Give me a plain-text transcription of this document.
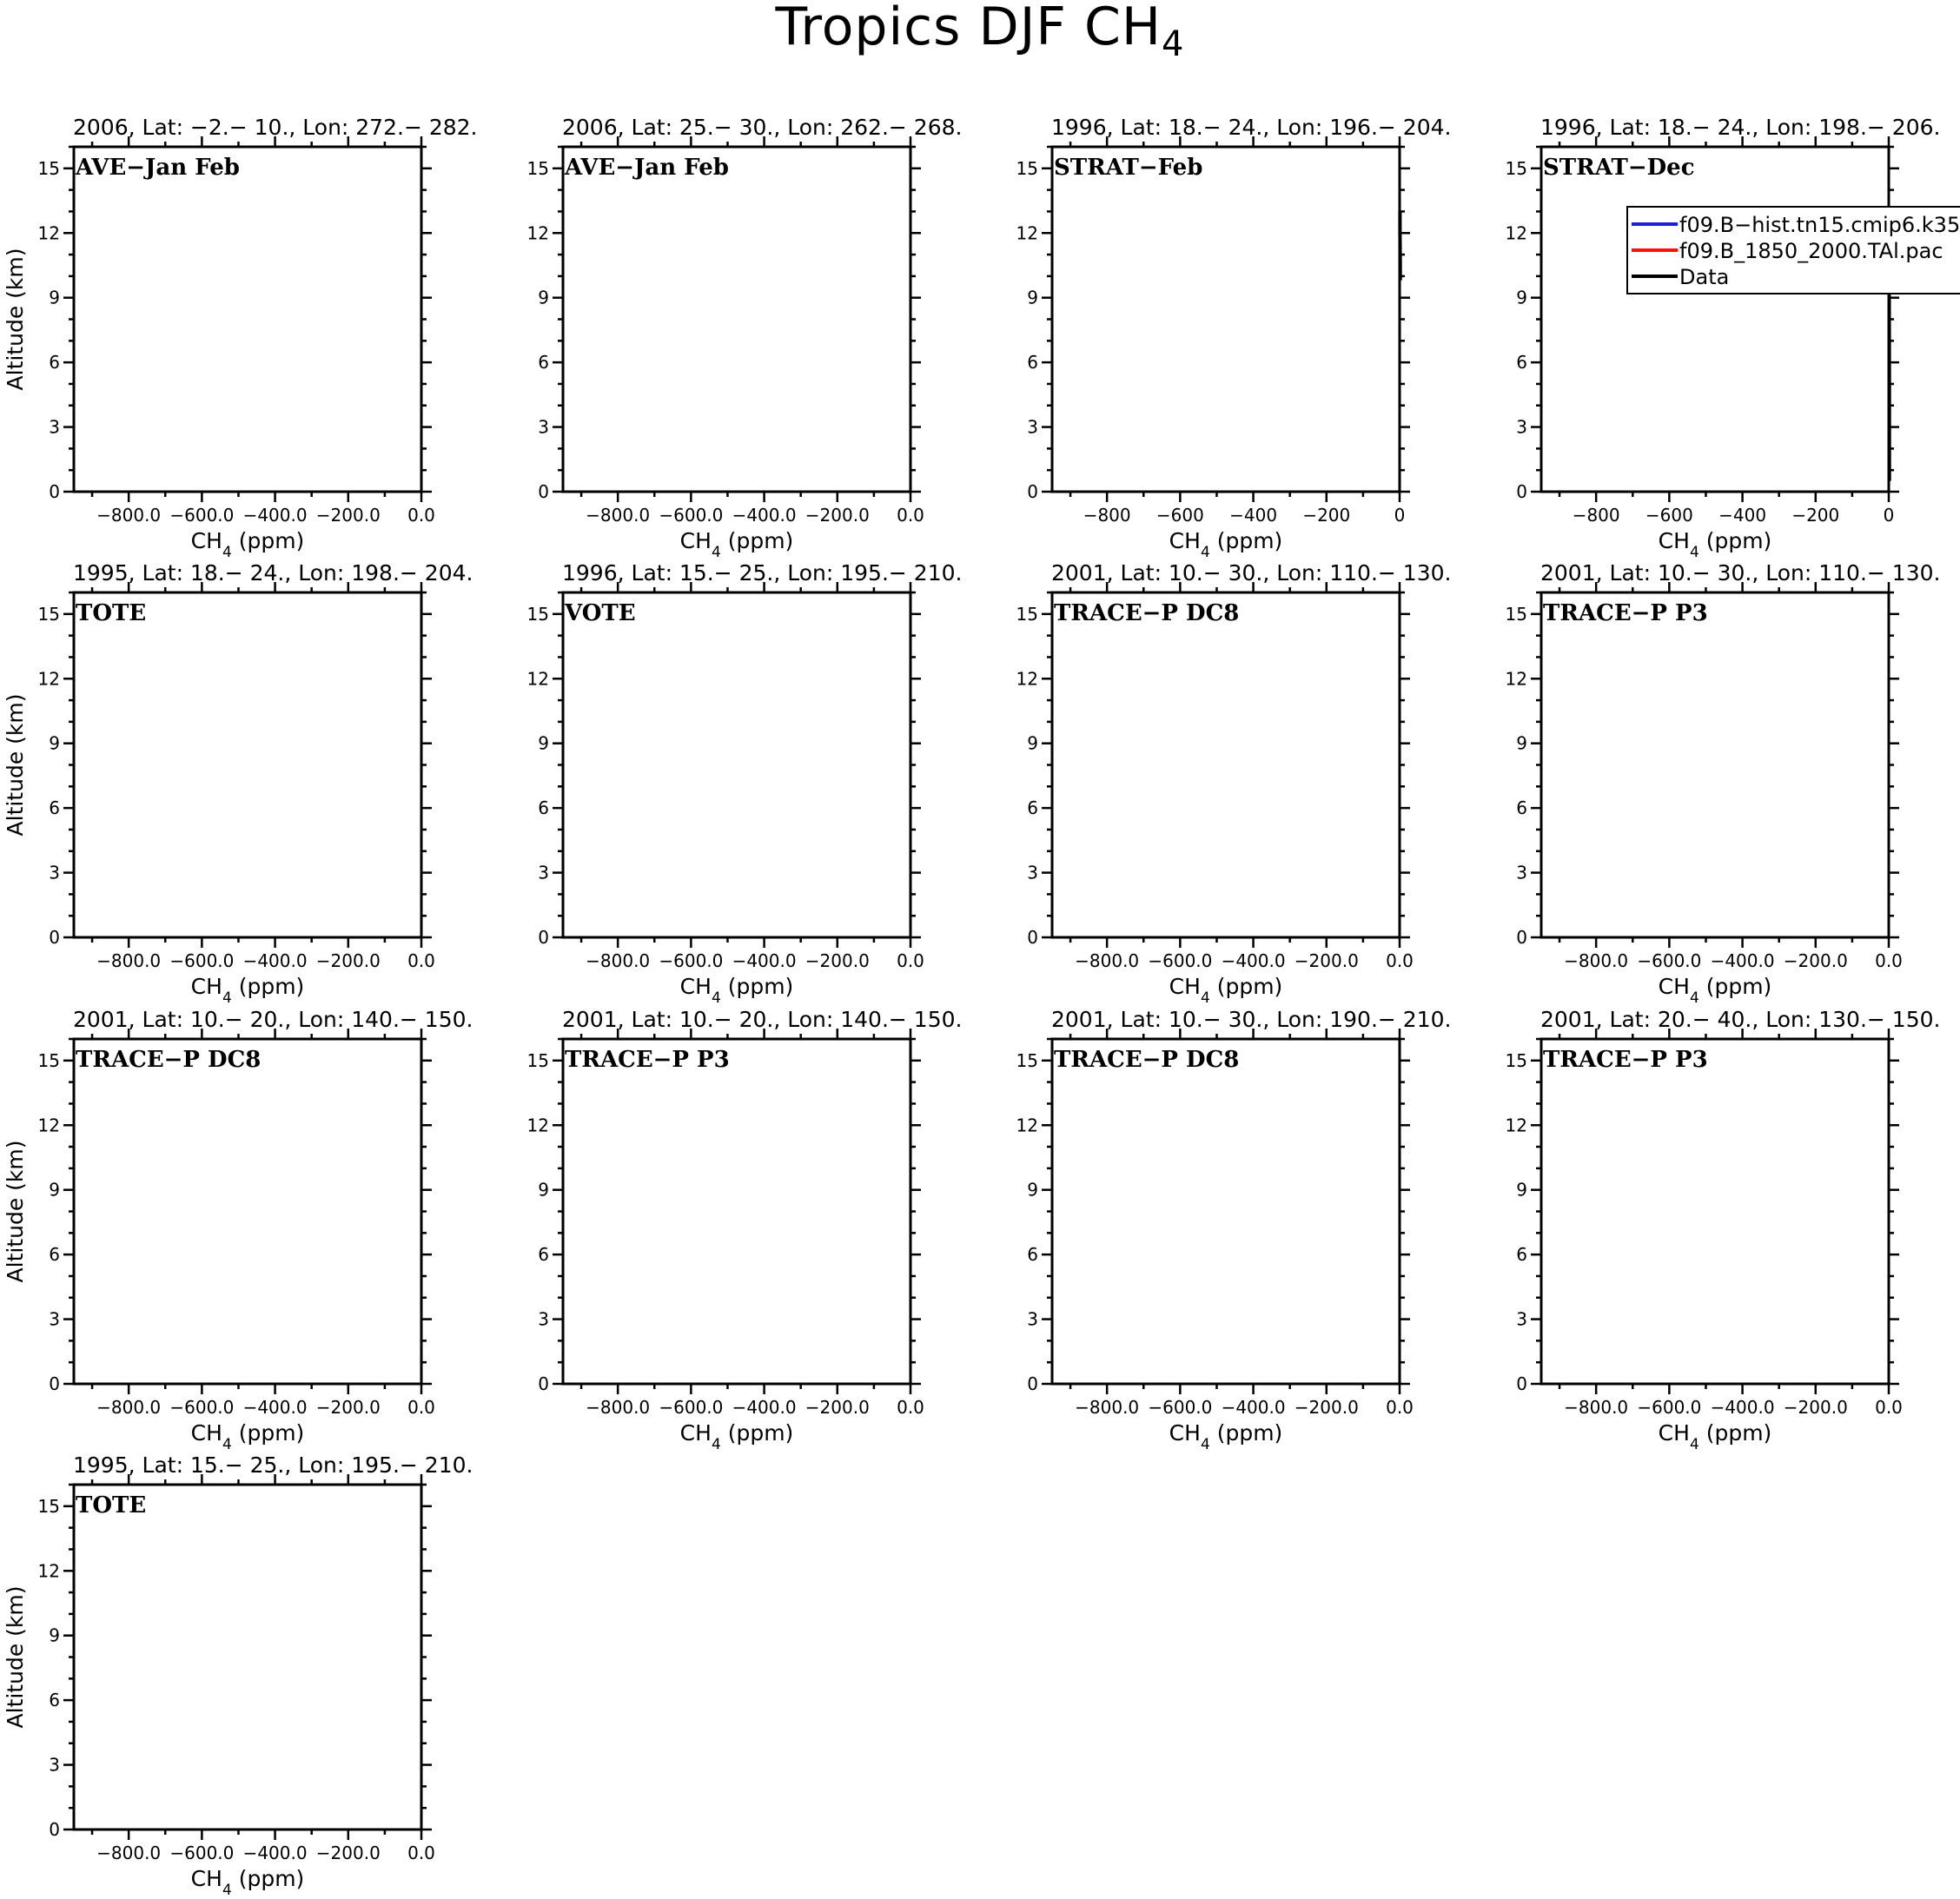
Tropics DJF $CH_4$
2006, Lat: −2.− 10., Lon: 272.− 282.
0
3
6
9
12
15
−800.0 −600.0 −400.0 −200.0 0.0
$CH_4$ (ppm)
Altitude (km)
AVE−Jan Feb
2006, Lat: 25.− 30., Lon: 262.− 268.
0
3
6
9
12
15
−800.0 −600.0 −400.0 −200.0 0.0
$CH_4$ (ppm)
AVE−Jan Feb
1996, Lat: 18.− 24., Lon: 196.− 204.
0
3
6
9
12
15
−800 −600 −400 −200	0
$CH_4$ (ppm)
STRAT−Feb
1996, Lat: 18.− 24., Lon: 198.− 206.
0
3
6
9
12
15
−800 −600 −400 −200	0
$CH_4$ (ppm)
STRAT−Dec
f09.B−hist.tn15.cmip6.k35
f09.B_1850_2000.TAl.pac
Data
1995, Lat: 18.− 24., Lon: 198.− 204.
0
3
6
9
12
15
−800.0 −600.0 −400.0 −200.0 0.0
$CH_4$ (ppm)
Altitude (km)
TOTE
1996, Lat: 15.− 25., Lon: 195.− 210.
0
3
6
9
12
15
−800.0 −600.0 −400.0 −200.0 0.0
$CH_4$ (ppm)
VOTE
2001, Lat: 10.− 30., Lon: 110.− 130.
0
3
6
9
12
15
−800.0 −600.0 −400.0 −200.0 0.0
$CH_4$ (ppm)
TRACE−P DC8
2001, Lat: 10.− 30., Lon: 110.− 130.
0
3
6
9
12
15
−800.0 −600.0 −400.0 −200.0 0.0
$CH_4$ (ppm)
TRACE−P P3
2001, Lat: 10.− 20., Lon: 140.− 150.
0
3
6
9
12
15
−800.0 −600.0 −400.0 −200.0 0.0
$CH_4$ (ppm)
Altitude (km)
TRACE−P DC8
2001, Lat: 10.− 20., Lon: 140.− 150.
0
3
6
9
12
15
−800.0 −600.0 −400.0 −200.0 0.0
$CH_4$ (ppm)
TRACE−P P3
2001, Lat: 10.− 30., Lon: 190.− 210.
0
3
6
9
12
15
−800.0 −600.0 −400.0 −200.0 0.0
$CH_4$ (ppm)
TRACE−P DC8
2001, Lat: 20.− 40., Lon: 130.− 150.
0
3
6
9
12
15
−800.0 −600.0 −400.0 −200.0 0.0
$CH_4$ (ppm)
TRACE−P P3
1995, Lat: 15.− 25., Lon: 195.− 210.
0
3
6
9
12
15
−800.0 −600.0 −400.0 −200.0 0.0
$CH_4$ (ppm)
Altitude (km)
TOTE
